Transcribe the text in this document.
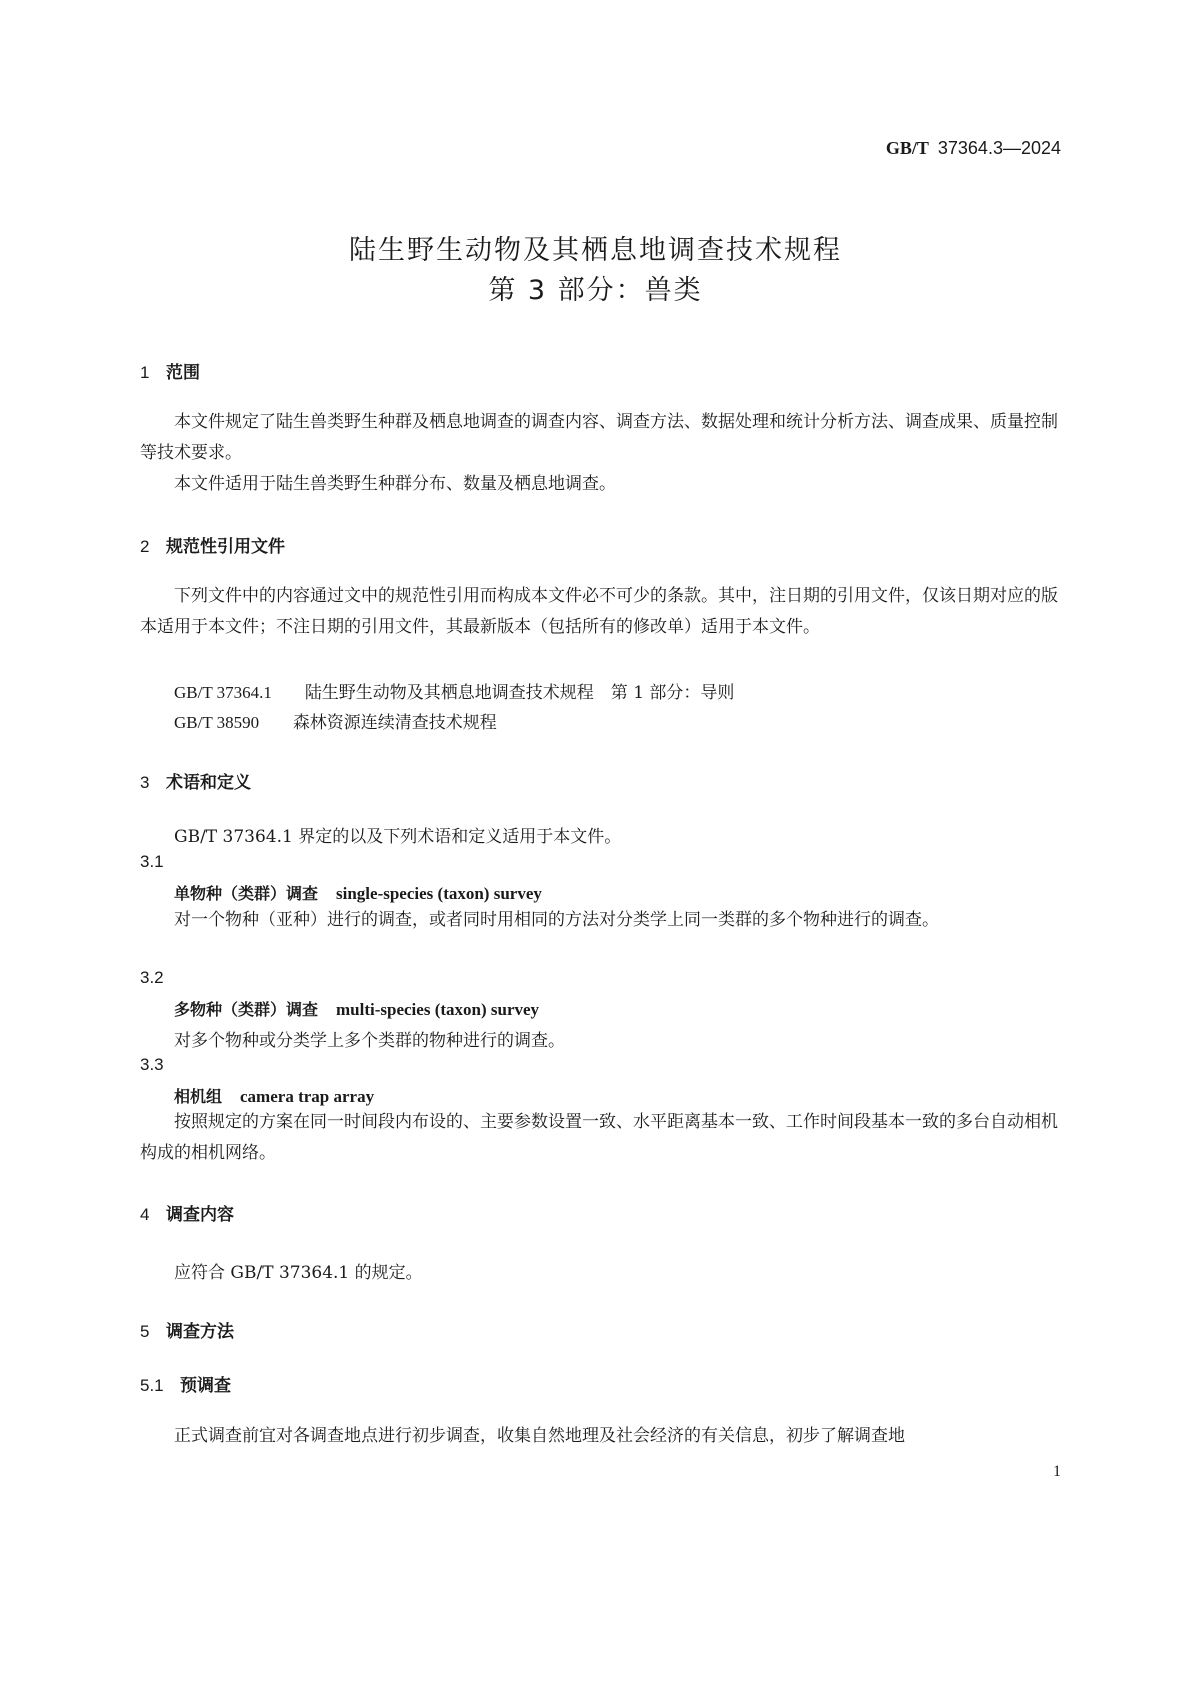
GB/T 37364.3—2024
陆生野生动物及其栖息地调查技术规程
第 3 部分：兽类
1 范围
本文件规定了陆生兽类野生种群及栖息地调查的调查内容、调查方法、数据处理和统计分析方法、调查成果、质量控制等技术要求。
本文件适用于陆生兽类野生种群分布、数量及栖息地调查。
2 规范性引用文件
下列文件中的内容通过文中的规范性引用而构成本文件必不可少的条款。其中，注日期的引用文件，仅该日期对应的版本适用于本文件；不注日期的引用文件，其最新版本（包括所有的修改单）适用于本文件。
GB/T 37364.1 陆生野生动物及其栖息地调查技术规程　第 1 部分：导则
GB/T 38590 森林资源连续清查技术规程
3 术语和定义
GB/T 37364.1 界定的以及下列术语和定义适用于本文件。
3.1
单物种（类群）调查 single-species (taxon) survey
对一个物种（亚种）进行的调查，或者同时用相同的方法对分类学上同一类群的多个物种进行的调查。
3.2
多物种（类群）调查 multi-species (taxon) survey
对多个物种或分类学上多个类群的物种进行的调查。
3.3
相机组 camera trap array
按照规定的方案在同一时间段内布设的、主要参数设置一致、水平距离基本一致、工作时间段基本一致的多台自动相机构成的相机网络。
4 调查内容
应符合 GB/T 37364.1 的规定。
5 调查方法
5.1 预调查
正式调查前宜对各调查地点进行初步调查，收集自然地理及社会经济的有关信息，初步了解调查地
1
